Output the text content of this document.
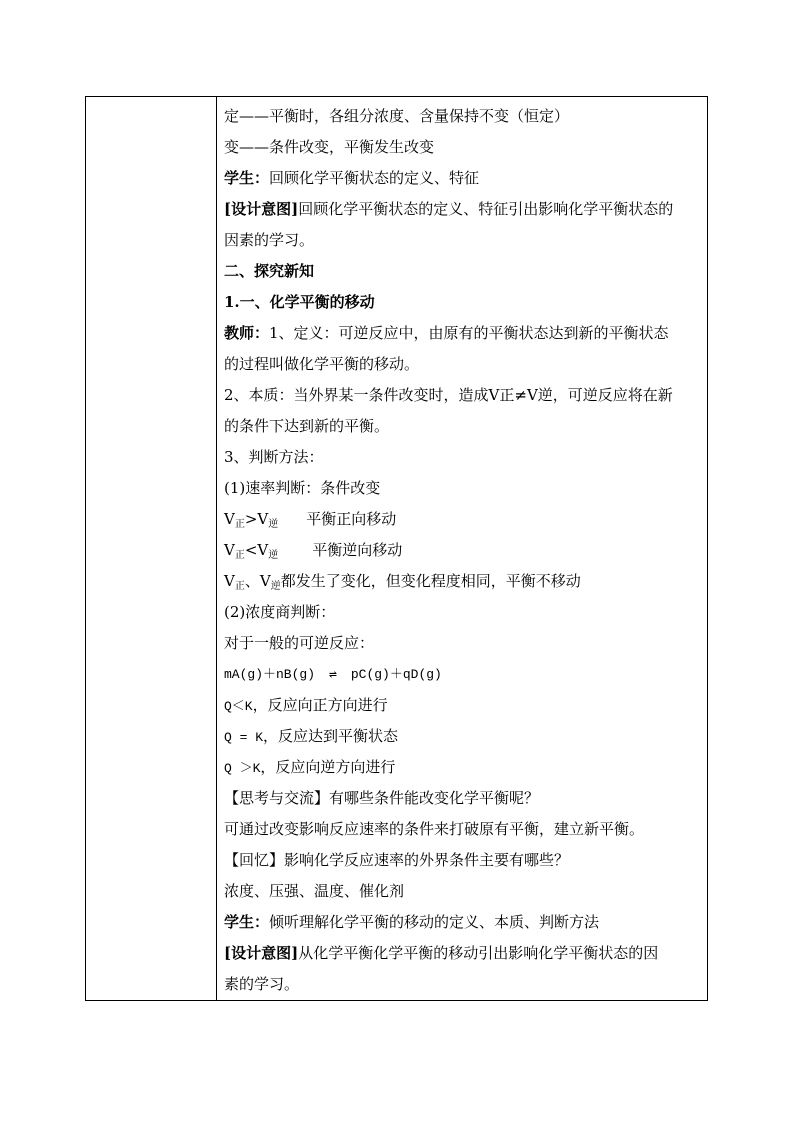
定——平衡时，各组分浓度、含量保持不变（恒定）
变——条件改变，平衡发生改变
学生：回顾化学平衡状态的定义、特征
[设计意图]回顾化学平衡状态的定义、特征引出影响化学平衡状态的
因素的学习。
二、探究新知
1.一、化学平衡的移动
教师：1、定义：可逆反应中，由原有的平衡状态达到新的平衡状态
的过程叫做化学平衡的移动。
2、本质：当外界某一条件改变时，造成V正≠V逆，可逆反应将在新
的条件下达到新的平衡。
3、判断方法：
(1)速率判断：条件改变
$V_正>V_逆$ 平衡正向移动
$V_正<V_逆$ 平衡逆向移动
$V_正$、$V_逆$都发生了变化，但变化程度相同，平衡不移动
(2)浓度商判断：
对于一般的可逆反应：
mA(g)＋nB(g) ⇌ pC(g)＋qD(g)
Q＜K，反应向正方向进行
Q = K，反应达到平衡状态
Q ＞K，反应向逆方向进行
【思考与交流】有哪些条件能改变化学平衡呢？
可通过改变影响反应速率的条件来打破原有平衡，建立新平衡。
【回忆】影响化学反应速率的外界条件主要有哪些？
浓度、压强、温度、催化剂
学生：倾听理解化学平衡的移动的定义、本质、判断方法
[设计意图]从化学平衡化学平衡的移动引出影响化学平衡状态的因
素的学习。
